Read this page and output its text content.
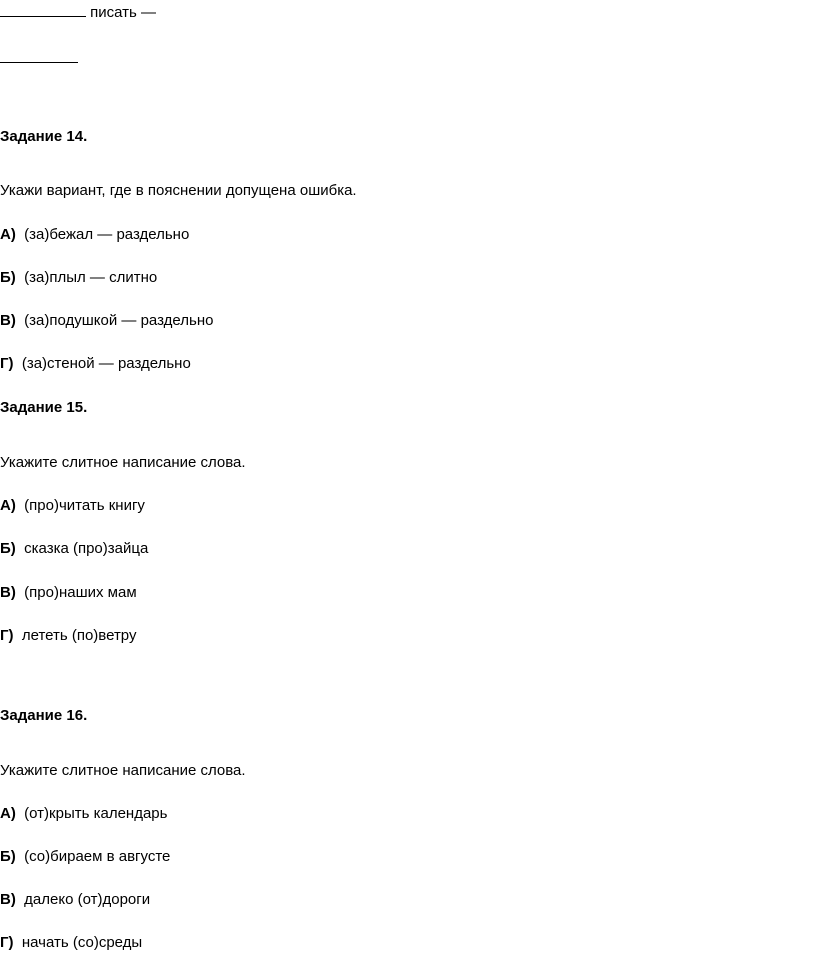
писать —
Задание 14.
Укажи вариант, где в пояснении допущена ошибка.
А) (за)бежал — раздельно
Б) (за)плыл — слитно
В) (за)подушкой — раздельно
Г) (за)стеной — раздельно
Задание 15.
Укажите слитное написание слова.
А) (про)читать книгу
Б) сказка (про)зайца
В) (про)наших мам
Г) лететь (по)ветру
Задание 16.
Укажите слитное написание слова.
А) (от)крыть календарь
Б) (со)бираем в августе
В) далеко (от)дороги
Г) начать (со)среды
